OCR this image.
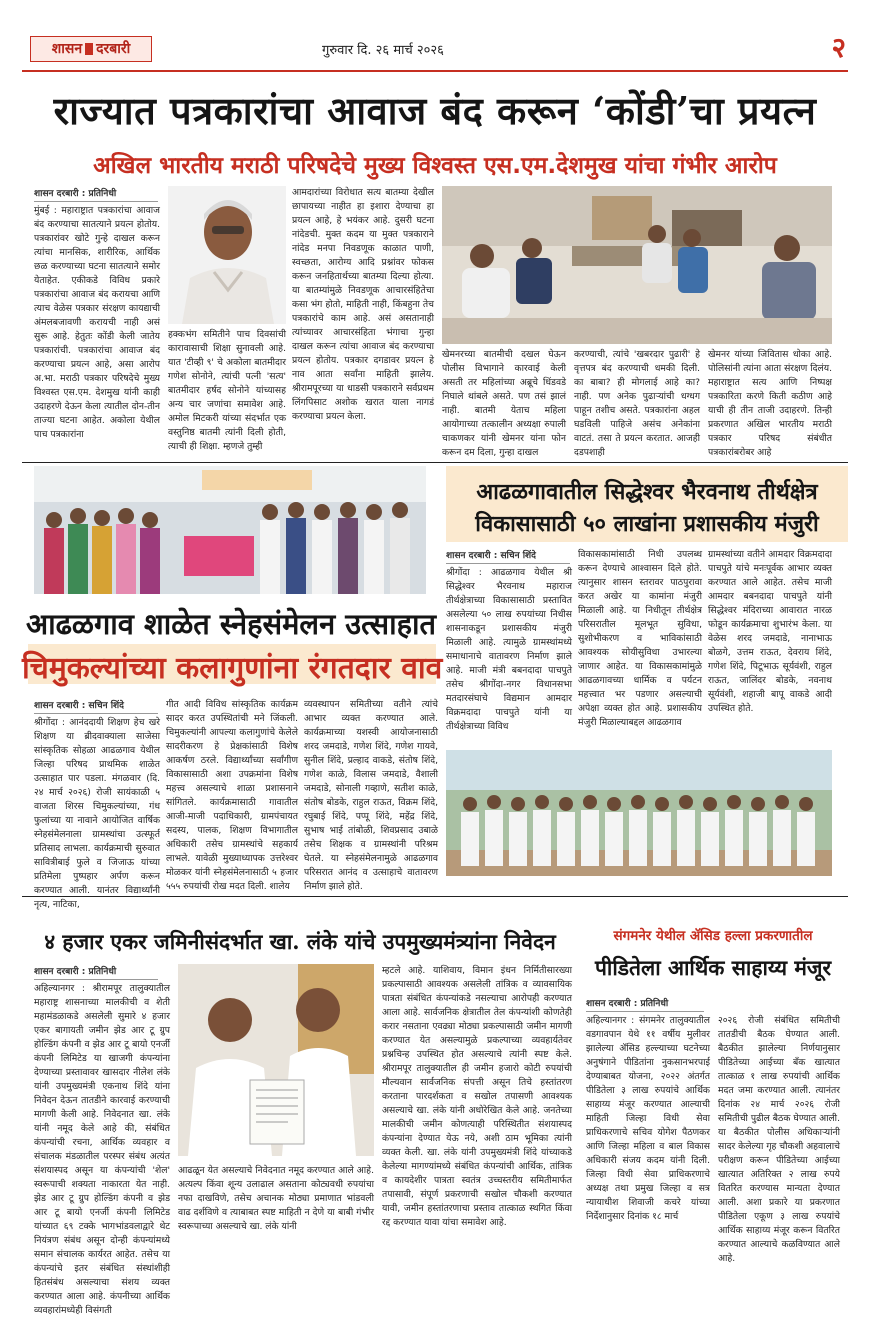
शासन दरबारी	गुरुवार दि. २६ मार्च २०२६	२
राज्यात पत्रकारांचा आवाज बंद करून ‘कोंडी’चा प्रयत्न
अखिल भारतीय मराठी परिषदेचे मुख्य विश्वस्त एस.एम.देशमुख यांचा गंभीर आरोप
शासन दरबारी : प्रतिनिधी
मुंबई : महाराष्ट्रात पत्रकारांचा आवाज बंद करण्याचा सातत्याने प्रयत्न होतोय. पत्रकारांवर खोटे गुन्हे दाखल करून त्यांचा मानसिक, शारीरिक, आर्थिक छळ करण्याच्या घटना सातत्याने समोर येताहेत. एकीकडे विविध प्रकारे पत्रकारांचा आवाज बंद करायचा आणि त्याच वेळेस पत्रकार संरक्षण कायद्याची अंमलबजावणी करायची नाही असं सुरू आहे. हेतुतः कोंडी केली जातेय पत्रकारांची. पत्रकारांचा आवाज बंद करण्याचा प्रयत्न आहे, असा आरोप अ.भा. मराठी पत्रकार परिषदेचे मुख्य विश्वस्त एस.एम. देशमुख यांनी काही उदाहरणे देऊन केला त्यातील दोन-तीन ताज्या घटना आहेत. अकोला येथील पाच पत्रकारांना
हक्कभंग समितीने पाच दिवसांची कारावासाची शिक्षा सुनावली आहे. यात 'टीव्ही ९' चे अकोला बातमीदार गणेश सोनोने, त्यांची पत्नी 'सत्य' बातमीदार हर्षद सोनोने यांच्यासह अन्य चार जणांचा समावेश आहे. अमोल मिटकरी यांच्या संदर्भात एक वस्तुनिष्ठ बातमी त्यांनी दिली होती, त्याची ही शिक्षा. म्हणजे तुम्ही
आमदारांच्या विरोधात सत्य बातम्या देखील छापायच्या नाहीत हा इशारा देण्याचा हा प्रयत्न आहे, हे भयंकर आहे. दुसरी घटना नांदेडची. मुक्त कदम या मुक्त पत्रकाराने नांदेड मनपा निवडणूक काळात पाणी, स्वच्छता, आरोग्य आदि प्रश्नांवर फोकस करून जनहितार्थच्या बातम्या दिल्या होत्या. या बातम्यांमुळे निवडणूक आचारसंहितेचा कसा भंग होतो, माहिती नाही, किंबहुना तेच पत्रकारांचे काम आहे. असं असतानाही त्यांच्यावर आचारसंहिता भंगाचा गुन्हा दाखल करून त्यांचा आवाज बंद करण्याचा प्रयत्न होतोय. पत्रकार दगडावर प्रयत्न हे नाव आता सर्वांना माहिती झालेय. श्रीरामपूरच्या या धाडसी पत्रकाराने सर्वप्रथम लिंगपिसाट अशोक खरात याला नागडं करण्याचा प्रयत्न केला.
खेमनरच्या बातमीची दखल घेऊन पोलीस विभागाने कारवाई केली असती तर महिलांच्या अब्रूचे धिंडवडे निघाले थांबले असते. पण तसं झालं नाही. बातमी येताच महिला आयोगाच्या तत्कालीन अध्यक्षा रुपाली चाकणकर यांनी खेमनर यांना फोन करून दम दिला, गुन्हा दाखल
करण्याची, त्यांचे 'खबरदार पुढारी' हे वृत्तपत्र बंद करण्याची धमकी दिली. का बाबा? ही मोगलाई आहे का? नाही. पण अनेक पुढाऱ्यांची धग्धग पाहून तशीच असते. पत्रकारांना अहल घडविली पाहिजे असंच अनेकांना वाटतं. तसा ते प्रयत्न करतात. आजही दडपशाही
खेमनर यांच्या जिवितास धोका आहे. पोलिसांनी त्यांना आता संरक्षण दिलंय. महाराष्ट्रात सत्य आणि निष्पक्ष पत्रकारिता करणे किती कठीण आहे याची ही तीन ताजी उदाहरणे. तिन्ही प्रकरणात अखिल भारतीय मराठी पत्रकार परिषद संबंधीत पत्रकारांबरोबर आहे
आढळगाव शाळेत स्नेहसंमेलन उत्साहात
चिमुकल्यांच्या कलागुणांना रंगतदार वाव
शासन दरबारी : सचिन शिंदे
श्रीगोंदा : आनंददायी शिक्षण हेच खरे शिक्षण या ब्रीदवाक्याला साजेसा सांस्कृतिक सोहळा आढळगाव येथील जिल्हा परिषद प्राथमिक शाळेत उत्साहात पार पडला. मंगळवार (दि. २४ मार्च २०२६) रोजी सायंकाळी ५ वाजता शिरस चिमुकल्यांच्या, गंध फुलांच्या या नावाने आयोजित वार्षिक स्नेहसंमेलनाला ग्रामस्थांचा उत्स्फूर्त प्रतिसाद लाभला. कार्यक्रमाची सुरुवात सावित्रीबाई फुले व जिजाऊ यांच्या प्रतिमेला पुष्पहार अर्पण करून करण्यात आली. यानंतर विद्यार्थ्यांनी नृत्य, नाटिका,
गीत आदी विविध सांस्कृतिक कार्यक्रम सादर करत उपस्थितांची मने जिंकली. चिमुकल्यांनी आपल्या कलागुणांचे केलेले सादरीकरण हे प्रेक्षकांसाठी विशेष आकर्षण ठरले. विद्यार्थ्यांच्या सर्वांगीण विकासासाठी अशा उपक्रमांना विशेष महत्त्व असल्याचे शाळा प्रशासनाने सांगितले. कार्यक्रमासाठी गावातील आजी-माजी पदाधिकारी, ग्रामपंचायत सदस्य, पालक, शिक्षण विभागातील अधिकारी तसेच ग्रामस्थांचे सहकार्य लाभले. यावेळी मुख्याध्यापक उत्तरेश्वर मोळकर यांनी स्नेहसंमेलनासाठी ५ हजार ५५५ रुपयांची रोख मदत दिली. शालेय
व्यवस्थापन समितीच्या वतीने त्यांचे आभार व्यक्त करण्यात आले. कार्यक्रमाच्या यशस्वी आयोजनासाठी शरद जमदाडे, गणेश शिंदे, गणेश गायवे, सुनील शिंदे, प्रल्हाद वाकडे, संतोष शिंदे, गणेश काळे, विलास जमदाडे, वैशाली जमदाडे, सोनाली गव्हाणे, सतीश काळे, संतोष बोडके, राहुल राऊत, विक्रम शिंदे, रघुबाई शिंदे, पप्पू शिंदे, महेंद्र शिंदे, सुभाष भाई तांबोळी, शिवप्रसाद उबाळे तसेच शिक्षक व ग्रामस्थांनी परिश्रम घेतले. या स्नेहसंमेलनामुळे आढळगाव परिसरात आनंद व उत्साहाचे वातावरण निर्माण झाले होते.
आढळगावातील सिद्धेश्वर भैरवनाथ तीर्थक्षेत्र
विकासासाठी ५० लाखांना प्रशासकीय मंजुरी
शासन दरबारी : सचिन शिंदे
श्रीगोंदा : आढळगाव येथील श्री सिद्धेश्वर भैरवनाथ महाराज तीर्थक्षेत्राच्या विकासासाठी प्रस्तावित असलेल्या ५० लाख रुपयांच्या निधीस शासनाकडून प्रशासकीय मंजुरी मिळाली आहे. त्यामुळे ग्रामस्थांमध्ये समाधानाचे वातावरण निर्माण झाले आहे. माजी मंत्री बबनदादा पाचपुते तसेच श्रीगोंदा-नगर विधानसभा मतदारसंघाचे विद्यमान आमदार विक्रमदादा पाचपुते यांनी या तीर्थक्षेत्राच्या विविध
विकासकामांसाठी निधी उपलब्ध करून देण्याचे आश्वासन दिले होते. त्यानुसार शासन स्तरावर पाठपुरावा करत अखेर या कामांना मंजुरी मिळाली आहे. या निधीतून तीर्थक्षेत्र परिसरातील मूलभूत सुविधा, सुशोभीकरण व भाविकांसाठी आवश्यक सोयीसुविधा उभारल्या जाणार आहेत. या विकासकामांमुळे आढळगावच्या धार्मिक व पर्यटन महत्त्वात भर पडणार असल्याची अपेक्षा व्यक्त होत आहे. प्रशासकीय मंजुरी मिळाल्याबद्दल आढळगाव
ग्रामस्थांच्या वतीने आमदार विक्रमदादा पाचपुते यांचे मनःपूर्वक आभार व्यक्त करण्यात आले आहेत. तसेच माजी आमदार बबनदादा पाचपुते यांनी सिद्धेश्वर मंदिराच्या आवारात नारळ फोडून कार्यक्रमाचा शुभारंभ केला. या वेळेस शरद जमदाडे, नानाभाऊ बोळगे, उत्तम राऊत, देवराय शिंदे, गणेश शिंदे, पिटूभाऊ सूर्यवंशी, राहुल राऊत, जालिंदर बोडके, नवनाथ सूर्यवंशी, शहाजी बापू वाकडे आदी उपस्थित होते.
४ हजार एकर जमिनीसंदर्भात खा. लंके यांचे उपमुख्यमंत्र्यांना निवेदन
शासन दरबारी : प्रतिनिधी
अहिल्यानगर : श्रीरामपूर तालुक्यातील महाराष्ट्र शासनाच्या मालकीची व शेती महामंडळाकडे असलेली सुमारे ४ हजार एकर बागायती जमीन झेड आर टू ग्रुप होल्डिंग कंपनी व झेड आर टू बायो एनर्जी कंपनी लिमिटेड या खाजगी कंपन्यांना देण्याच्या प्रस्तावावर खासदार नीलेश लंके यांनी उपमुख्यमंत्री एकनाथ शिंदे यांना निवेदन देऊन तातडीने कारवाई करण्याची मागणी केली आहे. निवेदनात खा. लंके यांनी नमूद केले आहे की, संबंधित कंपन्यांची रचना, आर्थिक व्यवहार व संचालक मंडळातील परस्पर संबंध अत्यंत संशयास्पद असून या कंपन्यांची 'शेल' स्वरूपाची शक्यता नाकारता येत नाही. झेड आर टू ग्रुप होल्डिंग कंपनी व झेड आर टू बायो एनर्जी कंपनी लिमिटेड यांच्यात ६९ टक्के भागभांडवलाद्वारे थेट नियंत्रण संबंध असून दोन्ही कंपन्यांमध्ये समान संचालक कार्यरत आहेत. तसेच या कंपन्यांचे इतर संबंधित संस्थांशीही हितसंबंध असल्याचा संशय व्यक्त करण्यात आला आहे. कंपनीच्या आर्थिक व्यवहारांमध्येही विसंगती
आढळून येत असल्याचे निवेदनात नमूद करण्यात आले आहे. अत्यल्प किंवा शून्य उलाढाल असताना कोट्यवधी रुपयांचा नफा दाखविणे, तसेच अचानक मोठ्या प्रमाणात भांडवली वाढ दर्शविणे व त्याबाबत स्पष्ट माहिती न देणे या बाबी गंभीर स्वरूपाच्या असल्याचे खा. लंके यांनी
म्हटले आहे. याशिवाय, विमान इंधन निर्मितीसारख्या प्रकल्पासाठी आवश्यक असलेली तांत्रिक व व्यावसायिक पात्रता संबंधित कंपन्यांकडे नसल्याचा आरोपही करण्यात आला आहे. सार्वजनिक क्षेत्रातील तेल कंपन्यांशी कोणतेही करार नसताना एवढ्या मोठ्या प्रकल्पासाठी जमीन मागणी करण्यात येत असल्यामुळे प्रकल्पाच्या व्यवहार्यतेवर प्रश्नचिन्ह उपस्थित होत असल्याचे त्यांनी स्पष्ट केले. श्रीरामपूर तालुक्यातील ही जमीन हजारो कोटी रुपयांची मौल्यवान सार्वजनिक संपत्ती असून तिचे हस्तांतरण करताना पारदर्शकता व सखोल तपासणी आवश्यक असल्याचे खा. लंके यांनी अधोरेखित केले आहे. जनतेच्या मालकीची जमीन कोणत्याही परिस्थितीत संशयास्पद कंपन्यांना देण्यात येऊ नये, अशी ठाम भूमिका त्यांनी व्यक्त केली. खा. लंके यांनी उपमुख्यमंत्री शिंदे यांच्याकडे केलेल्या मागण्यांमध्ये संबंधित कंपन्यांची आर्थिक, तांत्रिक व कायदेशीर पात्रता स्वतंत्र उच्चस्तरीय समितीमार्फत तपासावी, संपूर्ण प्रकरणाची सखोल चौकशी करण्यात यावी, जमीन हस्तांतरणाचा प्रस्ताव तात्काळ स्थगित किंवा रद्द करण्यात यावा यांचा समावेश आहे.
संगमनेर येथील ॲसिड हल्ला प्रकरणातील
पीडितेला आर्थिक साहाय्य मंजूर
शासन दरबारी : प्रतिनिधी
अहिल्यानगर : संगमनेर तालुक्यातील वडगावपान येथे ११ वर्षीय मुलीवर झालेल्या ॲसिड हल्ल्याच्या घटनेच्या अनुषंगाने पीडितांना नुकसानभरपाई देण्याबाबत योजना, २०२२ अंतर्गत पीडितेला ३ लाख रुपयांचे आर्थिक साहाय्य मंजूर करण्यात आल्याची माहिती जिल्हा विधी सेवा प्राधिकरणाचे सचिव योगेश पैठणकर आणि जिल्हा महिला व बाल विकास अधिकारी संजय कदम यांनी दिली. जिल्हा विधी सेवा प्राधिकरणाचे अध्यक्ष तथा प्रमुख जिल्हा व सत्र न्यायाधीश शिवाजी कचरे यांच्या निर्देशानुसार दिनांक १८ मार्च
२०२६ रोजी संबंधित समितीची तातडीची बैठक घेण्यात आली. बैठकीत झालेल्या निर्णयानुसार पीडितेच्या आईच्या बँक खात्यात तात्काळ १ लाख रुपयांची आर्थिक मदत जमा करण्यात आली. त्यानंतर दिनांक २४ मार्च २०२६ रोजी समितीची पुढील बैठक घेण्यात आली. या बैठकीत पोलीस अधिकाऱ्यांनी सादर केलेल्या गृह चौकशी अहवालाचे परीक्षण करून पीडितेच्या आईच्या खात्यात अतिरिक्त २ लाख रुपये वितरित करण्यास मान्यता देण्यात आली. अशा प्रकारे या प्रकरणात पीडितेला एकूण ३ लाख रुपयांचे आर्थिक साहाय्य मंजूर करून वितरित करण्यात आल्याचे कळविण्यात आले आहे.
